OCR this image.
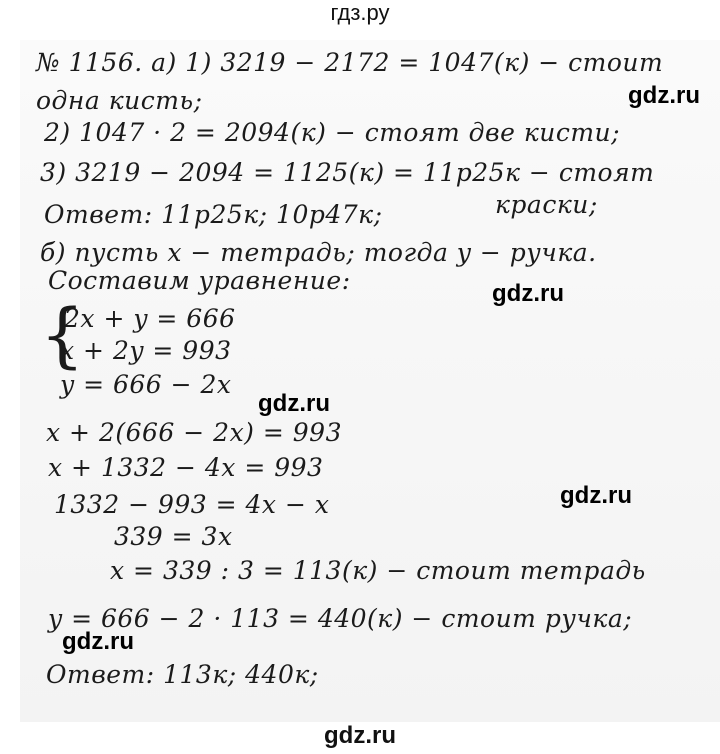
гдз.ру
№ 1156. а) 1) 3219 − 2172 = 1047(к) − стоит
одна кисть;
2) 1047 · 2 = 2094(к) − стоят две кисти;
3) 3219 − 2094 = 1125(к) = 11р25к − стоят
краски;
Ответ: 11р25к; 10р47к;
б) пусть x − тетрадь; тогда y − ручка.
Составим уравнение:
{
2x + y = 666
x + 2y = 993
y = 666 − 2x
x + 2(666 − 2x) = 993
x + 1332 − 4x = 993
1332 − 993 = 4x − x
339 = 3x
x = 339 : 3 = 113(к) − стоит тетрадь
y = 666 − 2 · 113 = 440(к) − стоит ручка;
Ответ: 113к; 440к;
gdz.ru
gdz.ru
gdz.ru
gdz.ru
gdz.ru
gdz.ru
